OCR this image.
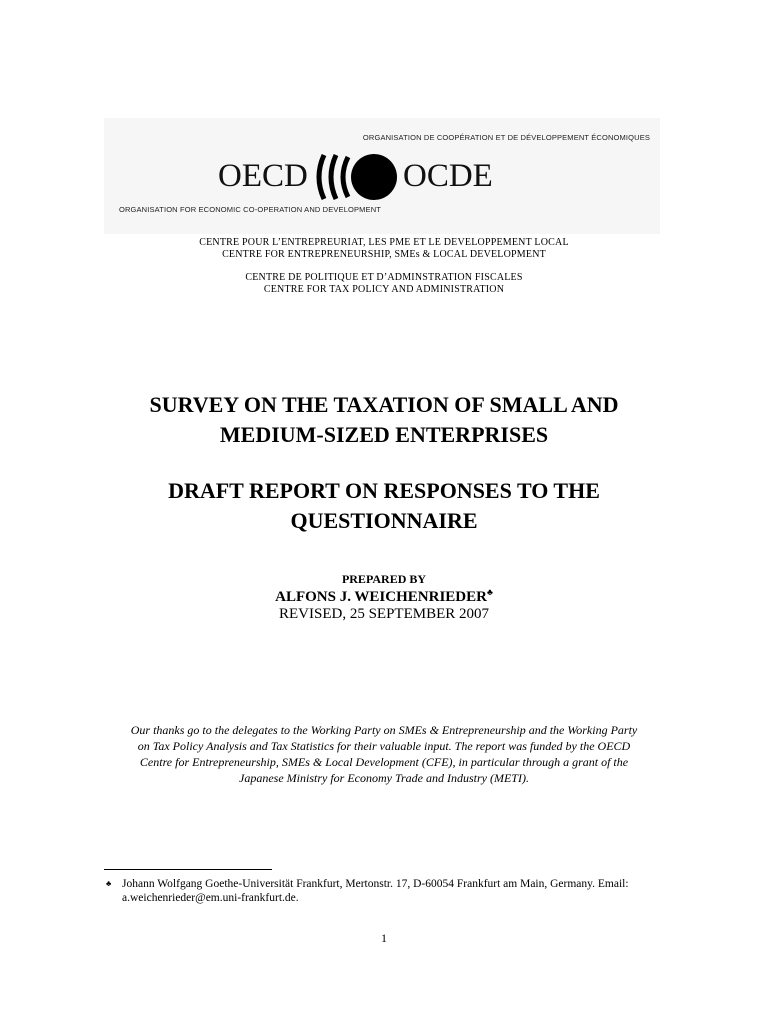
ORGANISATION DE COOPÉRATION ET DE DÉVELOPPEMENT ÉCONOMIQUES
OECD	OCDE
ORGANISATION FOR ECONOMIC CO-OPERATION AND DEVELOPMENT
CENTRE POUR L’ENTREPREURIAT, LES PME ET LE DEVELOPPEMENT LOCAL
CENTRE FOR ENTREPRENEURSHIP, SMEs & LOCAL DEVELOPMENT
CENTRE DE POLITIQUE ET D’ADMINSTRATION FISCALES
CENTRE FOR TAX POLICY AND ADMINISTRATION
SURVEY ON THE TAXATION OF SMALL AND
MEDIUM-SIZED ENTERPRISES
DRAFT REPORT ON RESPONSES TO THE
QUESTIONNAIRE
PREPARED BY
ALFONS J. WEICHENRIEDER♣
REVISED, 25 SEPTEMBER 2007
Our thanks go to the delegates to the Working Party on SMEs & Entrepreneurship and the Working Party
on Tax Policy Analysis and Tax Statistics for their valuable input. The report was funded by the OECD
Centre for Entrepreneurship, SMEs & Local Development (CFE), in particular through a grant of the
Japanese Ministry for Economy Trade and Industry (METI).
♣ Johann Wolfgang Goethe-Universität Frankfurt, Mertonstr. 17, D-60054 Frankfurt am Main, Germany. Email:
a.weichenrieder@em.uni-frankfurt.de.
1
